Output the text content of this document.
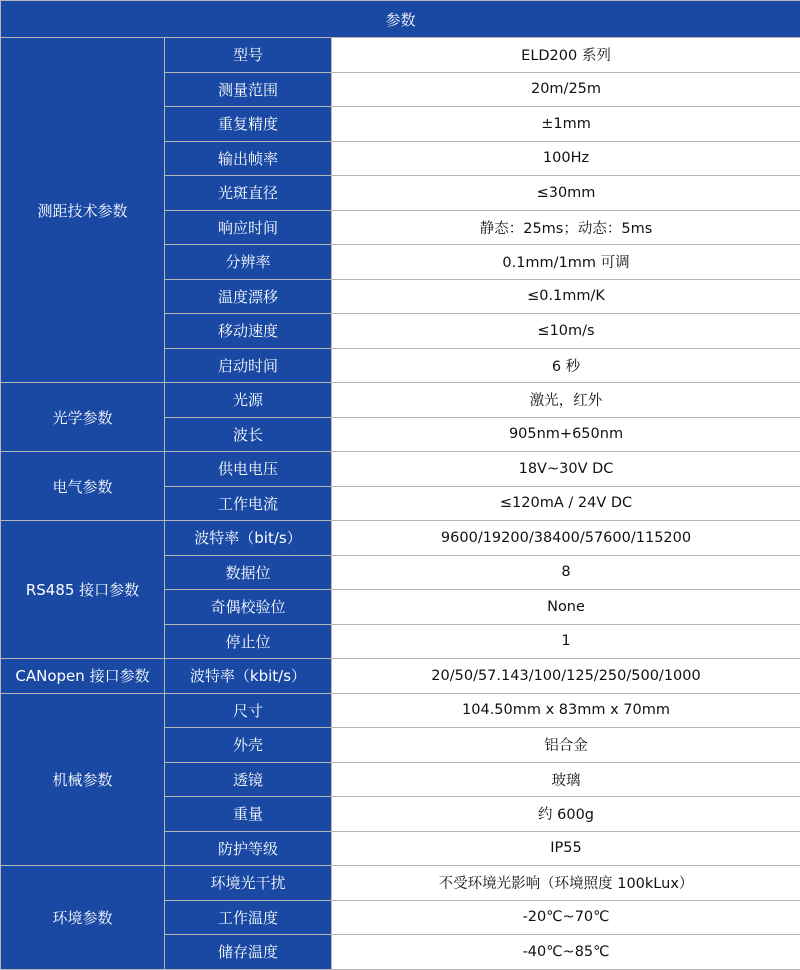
参数		
测距技术参数	型号	ELD200 系列
	测量范围	20m/25m
	重复精度	±1mm
	输出帧率	100Hz
	光斑直径	≤30mm
	响应时间	静态：25ms；动态：5ms
	分辨率	0.1mm/1mm 可调
	温度漂移	≤0.1mm/K
	移动速度	≤10m/s
	启动时间	6 秒
光学参数	光源	激光，红外
	波长	905nm+650nm
电气参数	供电电压	18V~30V DC
	工作电流	≤120mA / 24V DC
RS485 接口参数	波特率（bit/s）	9600/19200/38400/57600/115200
	数据位	8
	奇偶校验位	None
	停止位	1
CANopen 接口参数	波特率（kbit/s）	20/50/57.143/100/125/250/500/1000
机械参数	尺寸	104.50mm x 83mm x 70mm
	外壳	铝合金
	透镜	玻璃
	重量	约 600g
	防护等级	IP55
环境参数	环境光干扰	不受环境光影响（环境照度 100kLux）
	工作温度	-20℃~70℃
	储存温度	-40℃~85℃
